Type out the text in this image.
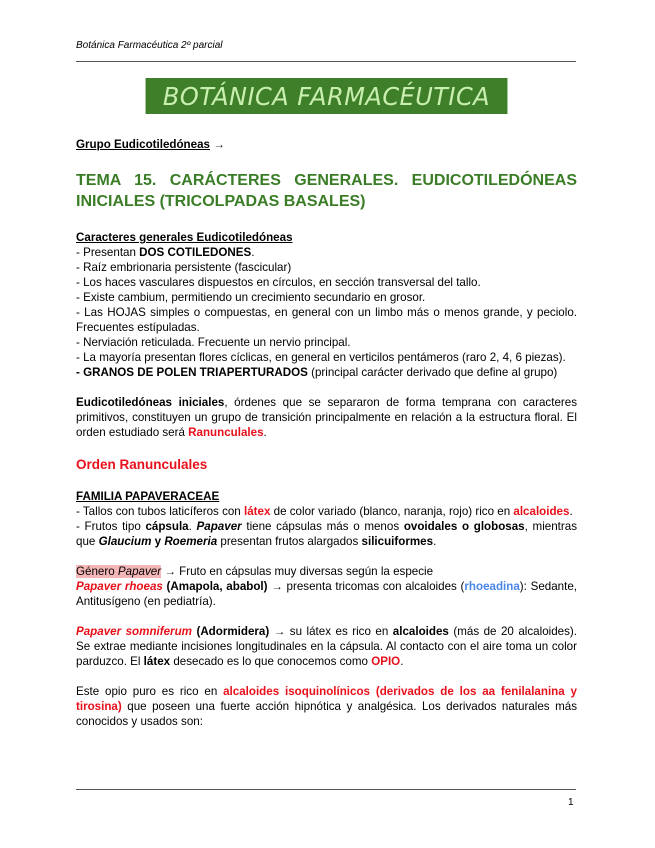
Botánica Farmacéutica 2º parcial
BOTÁNICA FARMACÉUTICA

Grupo Eudicotiledóneas →

TEMA 15. CARÁCTERES GENERALES. EUDICOTILEDÓNEAS INICIALES (TRICOLPADAS BASALES)

Caracteres generales Eudicotiledóneas

- Presentan DOS COTILEDONES.

- Raíz embrionaria persistente (fascicular)

- Los haces vasculares dispuestos en círculos, en sección transversal del tallo.

- Existe cambium, permitiendo un crecimiento secundario en grosor.

- Las HOJAS simples o compuestas, en general con un limbo más o menos grande, y peciolo. Frecuentes estípuladas.

- Nerviación reticulada. Frecuente un nervio principal.

- La mayoría presentan flores cíclicas, en general en verticilos pentámeros (raro 2, 4, 6 piezas).

- GRANOS DE POLEN TRIAPERTURADOS (principal carácter derivado que define al grupo)

Eudicotiledóneas iniciales, órdenes que se separaron de forma temprana con caracteres primitivos, constituyen un grupo de transición principalmente en relación a la estructura floral. El orden estudiado será Ranunculales.

Orden Ranunculales

FAMILIA PAPAVERACEAE

- Tallos con tubos laticíferos con látex de color variado (blanco, naranja, rojo) rico en alcaloides.

- Frutos tipo cápsula. Papaver tiene cápsulas más o menos ovoidales o globosas, mientras que Glaucium y Roemeria presentan frutos alargados silicuiformes.

Género Papaver → Fruto en cápsulas muy diversas según la especie

Papaver rhoeas (Amapola, ababol) → presenta tricomas con alcaloides (rhoeadina): Sedante, Antitusígeno (en pediatría).

Papaver somniferum (Adormidera) → su látex es rico en alcaloides (más de 20 alcaloides). Se extrae mediante incisiones longitudinales en la cápsula. Al contacto con el aire toma un color parduzco. El látex desecado es lo que conocemos como OPIO.

Este opio puro es rico en alcaloides isoquinolínicos (derivados de los aa fenilalanina y tirosina) que poseen una fuerte acción hipnótica y analgésica. Los derivados naturales más conocidos y usados son:

1
